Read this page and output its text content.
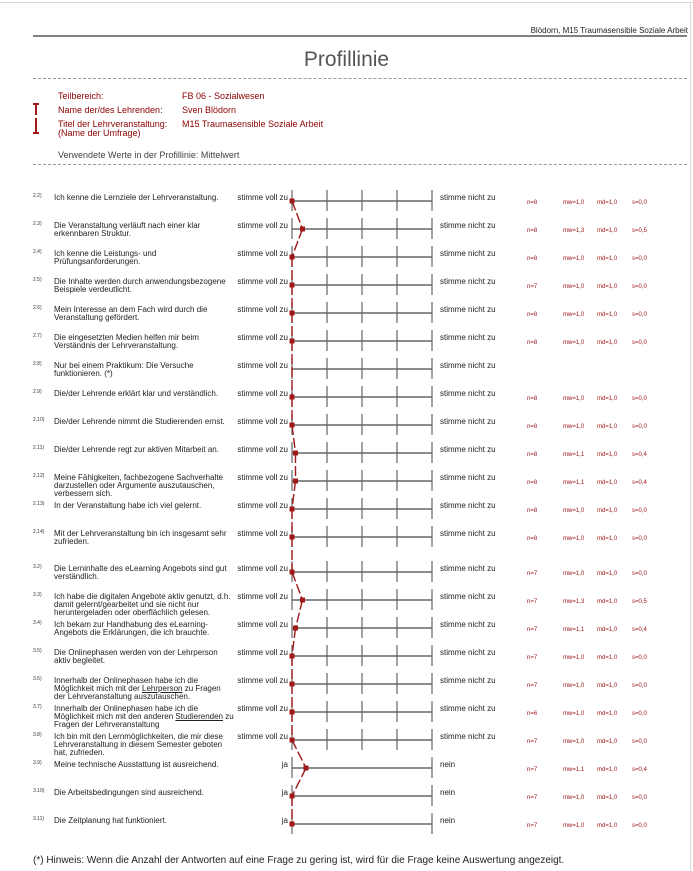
Blödorn, M15 Traumasensible Soziale Arbeit
Profillinie
Teilbereich:	FB 06 - Sozialwesen
Name der/des Lehrenden: Sven Blödorn
Titel der Lehrveranstaltung:
(Name der Umfrage)
M15 Traumasensible Soziale Arbeit
Verwendete Werte in der Profillinie: Mittelwert
2.2) Ich kenne die Lernziele der Lehrveranstaltung.	stimme voll zu	stimme nicht zu
n=8	mw=1,0 md=1,0 s=0,0
2.3) Die Veranstaltung verläuft nach einer klar erkennbaren Struktur.
stimme voll zu	stimme nicht zu
n=8	mw=1,3 md=1,0 s=0,5
2.4) Ich kenne die Leistungs- und Prüfungsanforderungen.
stimme voll zu	stimme nicht zu
n=8	mw=1,0 md=1,0 s=0,0
2.5) Die Inhalte werden durch anwendungsbezogene Beispiele verdeutlicht.
stimme voll zu	stimme nicht zu
n=7	mw=1,0 md=1,0 s=0,0
2.6) Mein Interesse an dem Fach wird durch die Veranstaltung gefördert.
stimme voll zu	stimme nicht zu
n=8	mw=1,0 md=1,0 s=0,0
2.7) Die eingesetzten Medien helfen mir beim Verständnis der Lehrveranstaltung.
stimme voll zu	stimme nicht zu
n=8	mw=1,0 md=1,0 s=0,0
2.8) Nur bei einem Praktikum: Die Versuche funktionieren. (*)
stimme voll zu	stimme nicht zu
2.9) Die/der Lehrende erklärt klar und verständlich.	stimme voll zu	stimme nicht zu
n=8	mw=1,0 md=1,0 s=0,0
2.10) Die/der Lehrende nimmt die Studierenden ernst.	stimme voll zu	stimme nicht zu
n=8	mw=1,0 md=1,0 s=0,0
2.11) Die/der Lehrende regt zur aktiven Mitarbeit an.	stimme voll zu	stimme nicht zu
n=8	mw=1,1 md=1,0 s=0,4
2.12) Meine Fähigkeiten, fachbezogene Sachverhalte darzustellen oder Argumente auszutauschen, verbessern sich.
stimme voll zu	stimme nicht zu
n=8	mw=1,1 md=1,0 s=0,4
2.13) In der Veranstaltung habe ich viel gelernt.	stimme voll zu	stimme nicht zu
n=8	mw=1,0 md=1,0 s=0,0
2.14) Mit der Lehrveranstaltung bin ich insgesamt sehr zufrieden.
stimme voll zu	stimme nicht zu
n=8	mw=1,0 md=1,0 s=0,0
3.2) Die Lerninhalte des eLearning Angebots sind gut verständlich.
stimme voll zu	stimme nicht zu
n=7	mw=1,0 md=1,0 s=0,0
3.3) Ich habe die digitalen Angebote aktiv genutzt, d.h. damit gelernt/gearbeitet und sie nicht nur heruntergeladen oder oberflächlich gelesen.
stimme voll zu	stimme nicht zu
n=7	mw=1,3 md=1,0 s=0,5
3.4) Ich bekam zur Handhabung des eLearning-Angebots die Erklärungen, die ich brauchte.
stimme voll zu	stimme nicht zu
n=7	mw=1,1 md=1,0 s=0,4
3.5) Die Onlinephasen werden von der Lehrperson aktiv begleitet.
stimme voll zu	stimme nicht zu
n=7	mw=1,0 md=1,0 s=0,0
3.6) Innerhalb der Onlinephasen habe ich die Möglichkeit mich mit der Lehrperson zu Fragen der Lehrveranstaltung auszutauschen.
stimme voll zu	stimme nicht zu
n=7	mw=1,0 md=1,0 s=0,0
3.7) Innerhalb der Onlinephasen habe ich die Möglichkeit mich mit den anderen Studierenden zu Fragen der Lehrveranstaltung
stimme voll zu	stimme nicht zu
n=6	mw=1,0 md=1,0 s=0,0
3.8) Ich bin mit den Lernmöglichkeiten, die mir diese Lehrveranstaltung in diesem Semester geboten hat, zufrieden.
stimme voll zu	stimme nicht zu
n=7	mw=1,0 md=1,0 s=0,0
3.9) Meine technische Ausstattung ist ausreichend.	ja	nein
n=7	mw=1,1 md=1,0 s=0,4
3.10) Die Arbeitsbedingungen sind ausreichend.	ja	nein
n=7	mw=1,0 md=1,0 s=0,0
3.11) Die Zeitplanung hat funktioniert.	ja	nein
n=7	mw=1,0 md=1,0 s=0,0
(*) Hinweis: Wenn die Anzahl der Antworten auf eine Frage zu gering ist, wird für die Frage keine Auswertung angezeigt.
